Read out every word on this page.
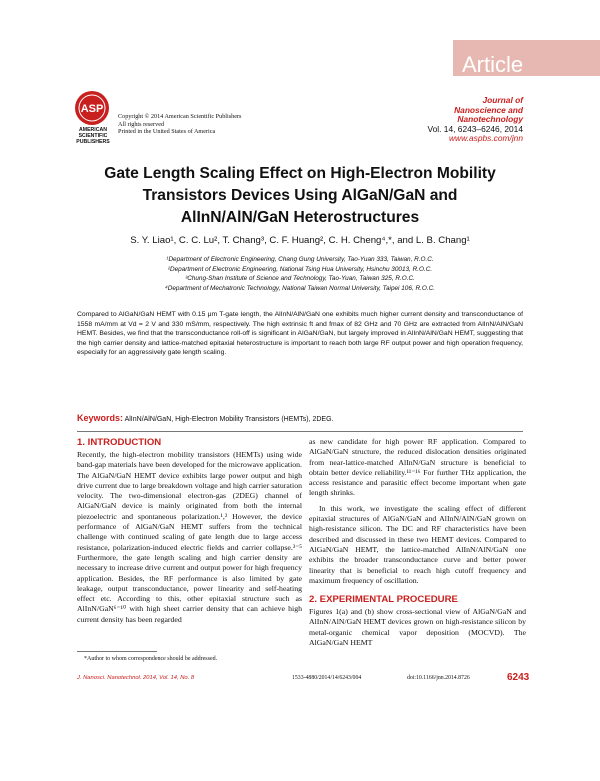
Article
ASP
AMERICAN
SCIENTIFIC
PUBLISHERS
Copyright © 2014 American Scientific Publishers
All rights reserved
Printed in the United States of America
Journal of
Nanoscience and Nanotechnology
Vol. 14, 6243–6246, 2014
www.aspbs.com/jnn
Gate Length Scaling Effect on High-Electron Mobility
Transistors Devices Using AlGaN/GaN and
AlInN/AlN/GaN Heterostructures
S. Y. Liao¹, C. C. Lu², T. Chang³, C. F. Huang², C. H. Cheng⁴,*, and L. B. Chang¹
¹Department of Electronic Engineering, Chang Gung University, Tao-Yuan 333, Taiwan, R.O.C.
²Department of Electronic Engineering, National Tsing Hua University, Hsinchu 30013, R.O.C.
³Chung-Shan Institute of Science and Technology, Tao-Yuan, Taiwan 325, R.O.C.
⁴Department of Mechatronic Technology, National Taiwan Normal University, Taipei 106, R.O.C.
Compared to AlGaN/GaN HEMT with 0.15 μm T-gate length, the AlInN/AlN/GaN one exhibits much higher current density and transconductance of 1558 mA/mm at Vd = 2 V and 330 mS/mm, respectively. The high extrinsic ft and fmax of 82 GHz and 70 GHz are extracted from AlInN/AlN/GaN HEMT. Besides, we find that the transconductance roll-off is significant in AlGaN/GaN, but largely improved in AlInN/AlN/GaN HEMT, suggesting that the high carrier density and lattice-matched epitaxial heterostructure is important to reach both large RF output power and high operation frequency, especially for an aggressively gate length scaling.
Keywords: AlInN/AlN/GaN, High-Electron Mobility Transistors (HEMTs), 2DEG.
1. INTRODUCTION

Recently, the high-electron mobility transistors (HEMTs) using wide band-gap materials have been developed for the microwave application. The AlGaN/GaN HEMT device exhibits large power output and high drive current due to large breakdown voltage and high carrier saturation velocity. The two-dimensional electron-gas (2DEG) channel of AlGaN/GaN device is mainly originated from both the internal piezoelectric and spontaneous polarization.¹,² However, the device performance of AlGaN/GaN HEMT suffers from the technical challenge with continued scaling of gate length due to large access resistance, polarization-induced electric fields and carrier collapse.³⁻⁵ Furthermore, the gate length scaling and high carrier density are necessary to increase drive current and output power for high frequency application. Besides, the RF performance is also limited by gate leakage, output transconductance, power linearity and self-heating effect etc. According to this, other epitaxial structure such as AlInN/GaN⁶⁻¹⁰ with high sheet carrier density that can achieve high current density has been regarded

as new candidate for high power RF application. Compared to AlGaN/GaN structure, the reduced dislocation densities originated from near-lattice-matched AlInN/GaN structure is beneficial to obtain better device reliability.¹¹⁻¹⁶ For further THz application, the access resistance and parasitic effect become important when gate length shrinks.

In this work, we investigate the scaling effect of different epitaxial structures of AlGaN/GaN and AlInN/AlN/GaN grown on high-resistance silicon. The DC and RF characteristics have been described and discussed in these two HEMT devices. Compared to AlGaN/GaN HEMT, the lattice-matched AlInN/AlN/GaN one exhibits the broader transconductance curve and better power linearity that is beneficial to reach high cutoff frequency and maximum frequency of oscillation.

2. EXPERIMENTAL PROCEDURE

Figures 1(a) and (b) show cross-sectional view of AlGaN/GaN and AlInN/AlN/GaN HEMT devices grown on high-resistance silicon by metal-organic chemical vapor deposition (MOCVD). The AlGaN/GaN HEMT

*Author to whom correspondence should be addressed.
J. Nanosci. Nanotechnol. 2014, Vol. 14, No. 8	1533-4880/2014/14/6243/004	doi:10.1166/jnn.2014.8726	6243
